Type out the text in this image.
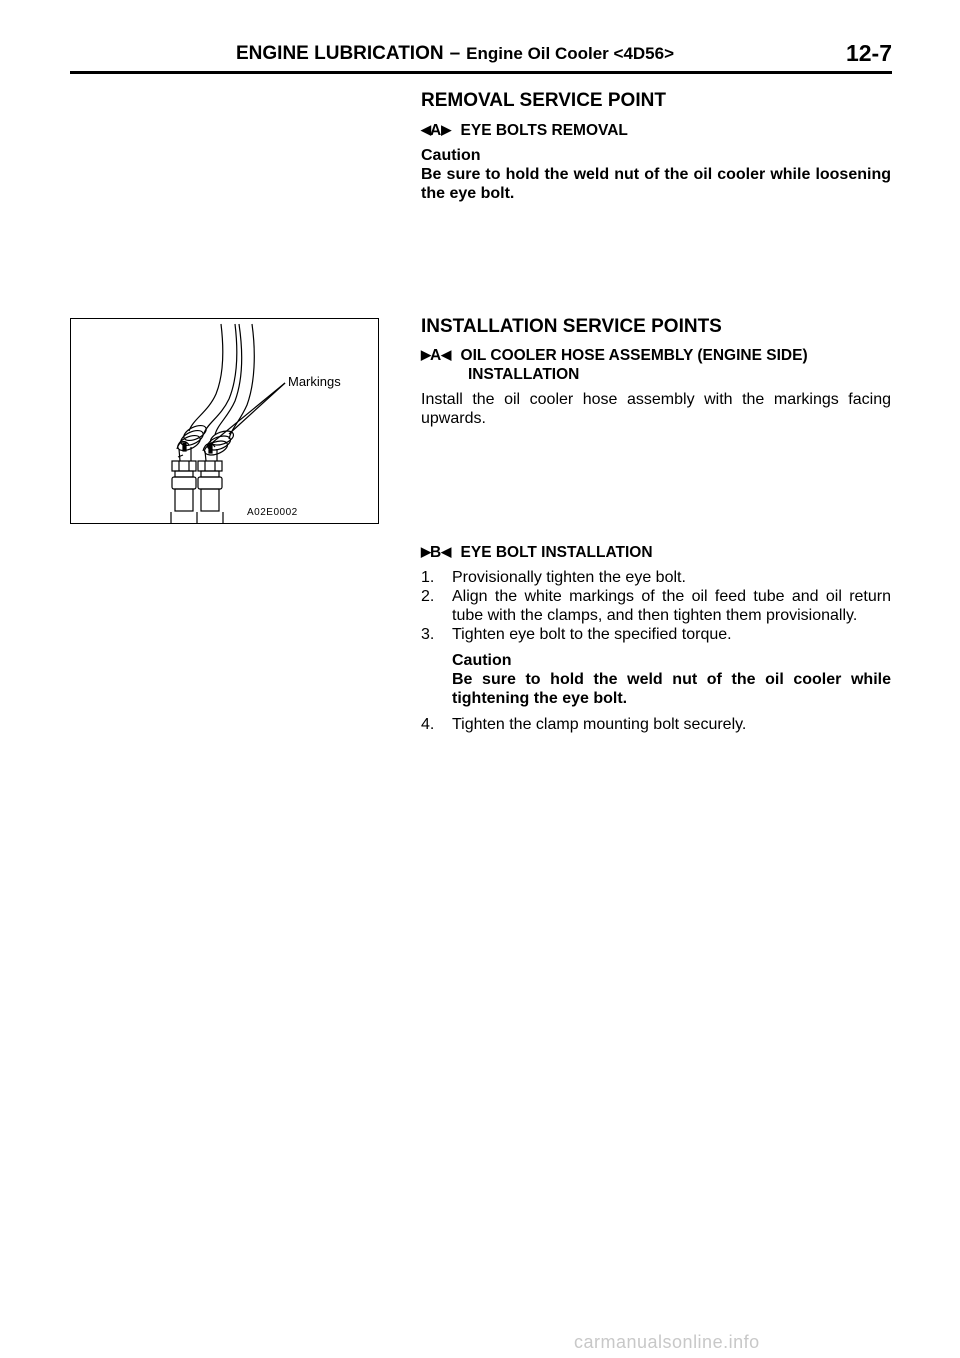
ENGINE LUBRICATION – Engine Oil Cooler <4D56>	12-7
REMOVAL SERVICE POINT
◀A▶ EYE BOLTS REMOVAL
Caution
Be sure to hold the weld nut of the oil cooler while loosening the eye bolt.
INSTALLATION SERVICE POINTS
▶A◀ OIL COOLER HOSE ASSEMBLY (ENGINE SIDE)
INSTALLATION
Install the oil cooler hose assembly with the markings facing upwards.
▶B◀ EYE BOLT INSTALLATION
1. Provisionally tighten the eye bolt.
2. Align the white markings of the oil feed tube and oil return tube with the clamps, and then tighten them provisionally.
3. Tighten eye bolt to the specified torque.
Caution
Be sure to hold the weld nut of the oil cooler while tightening the eye bolt.
4. Tighten the clamp mounting bolt securely.
Markings
A02E0002
carmanualsonline.info
